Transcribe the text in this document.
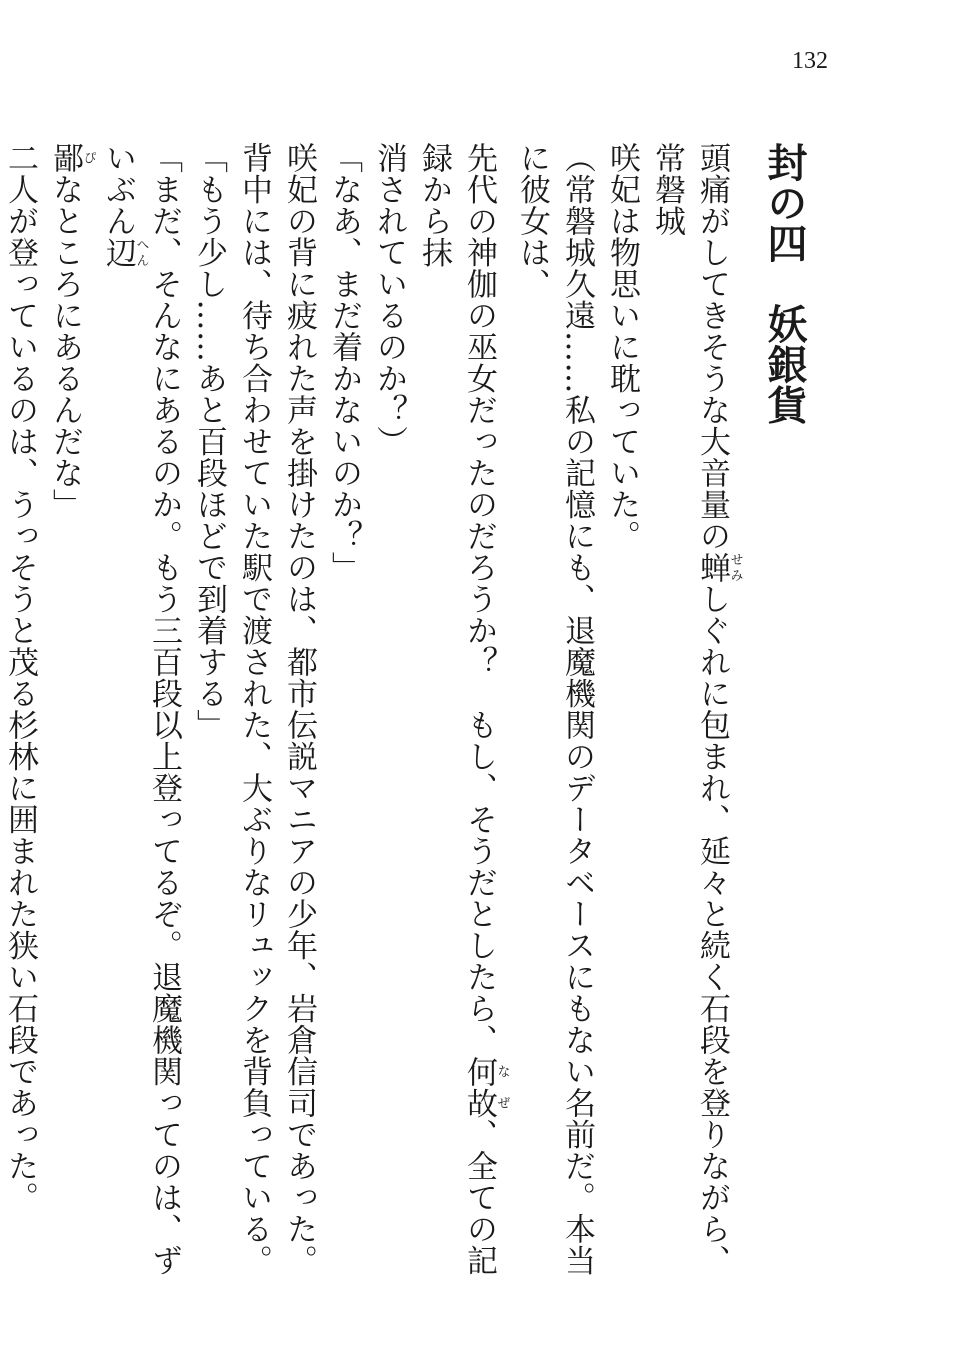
132
封の四妖銀貨
頭痛がしてきそうな大音量の蝉せみしぐれに包まれ、延々と続く石段を登りながら、常磐城
咲妃は物思いに耽っていた。
（常磐城久遠……私の記憶にも、退魔機関のデータベースにもない名前だ。本当に彼女は、
先代の神伽の巫女だったのだろうか？　もし、そうだとしたら、何故なぜ、全ての記録から抹
消されているのか？）
「なあ、まだ着かないのか？」
咲妃の背に疲れた声を掛けたのは、都市伝説マニアの少年、岩倉信司であった。
背中には、待ち合わせていた駅で渡された、大ぶりなリュックを背負っている。
「もう少し……あと百段ほどで到着する」
「まだ、そんなにあるのか。もう三百段以上登ってるぞ。退魔機関ってのは、ずいぶん辺へん
鄙ぴなところにあるんだな」
二人が登っているのは、うっそうと茂る杉林に囲まれた狭い石段であった。
